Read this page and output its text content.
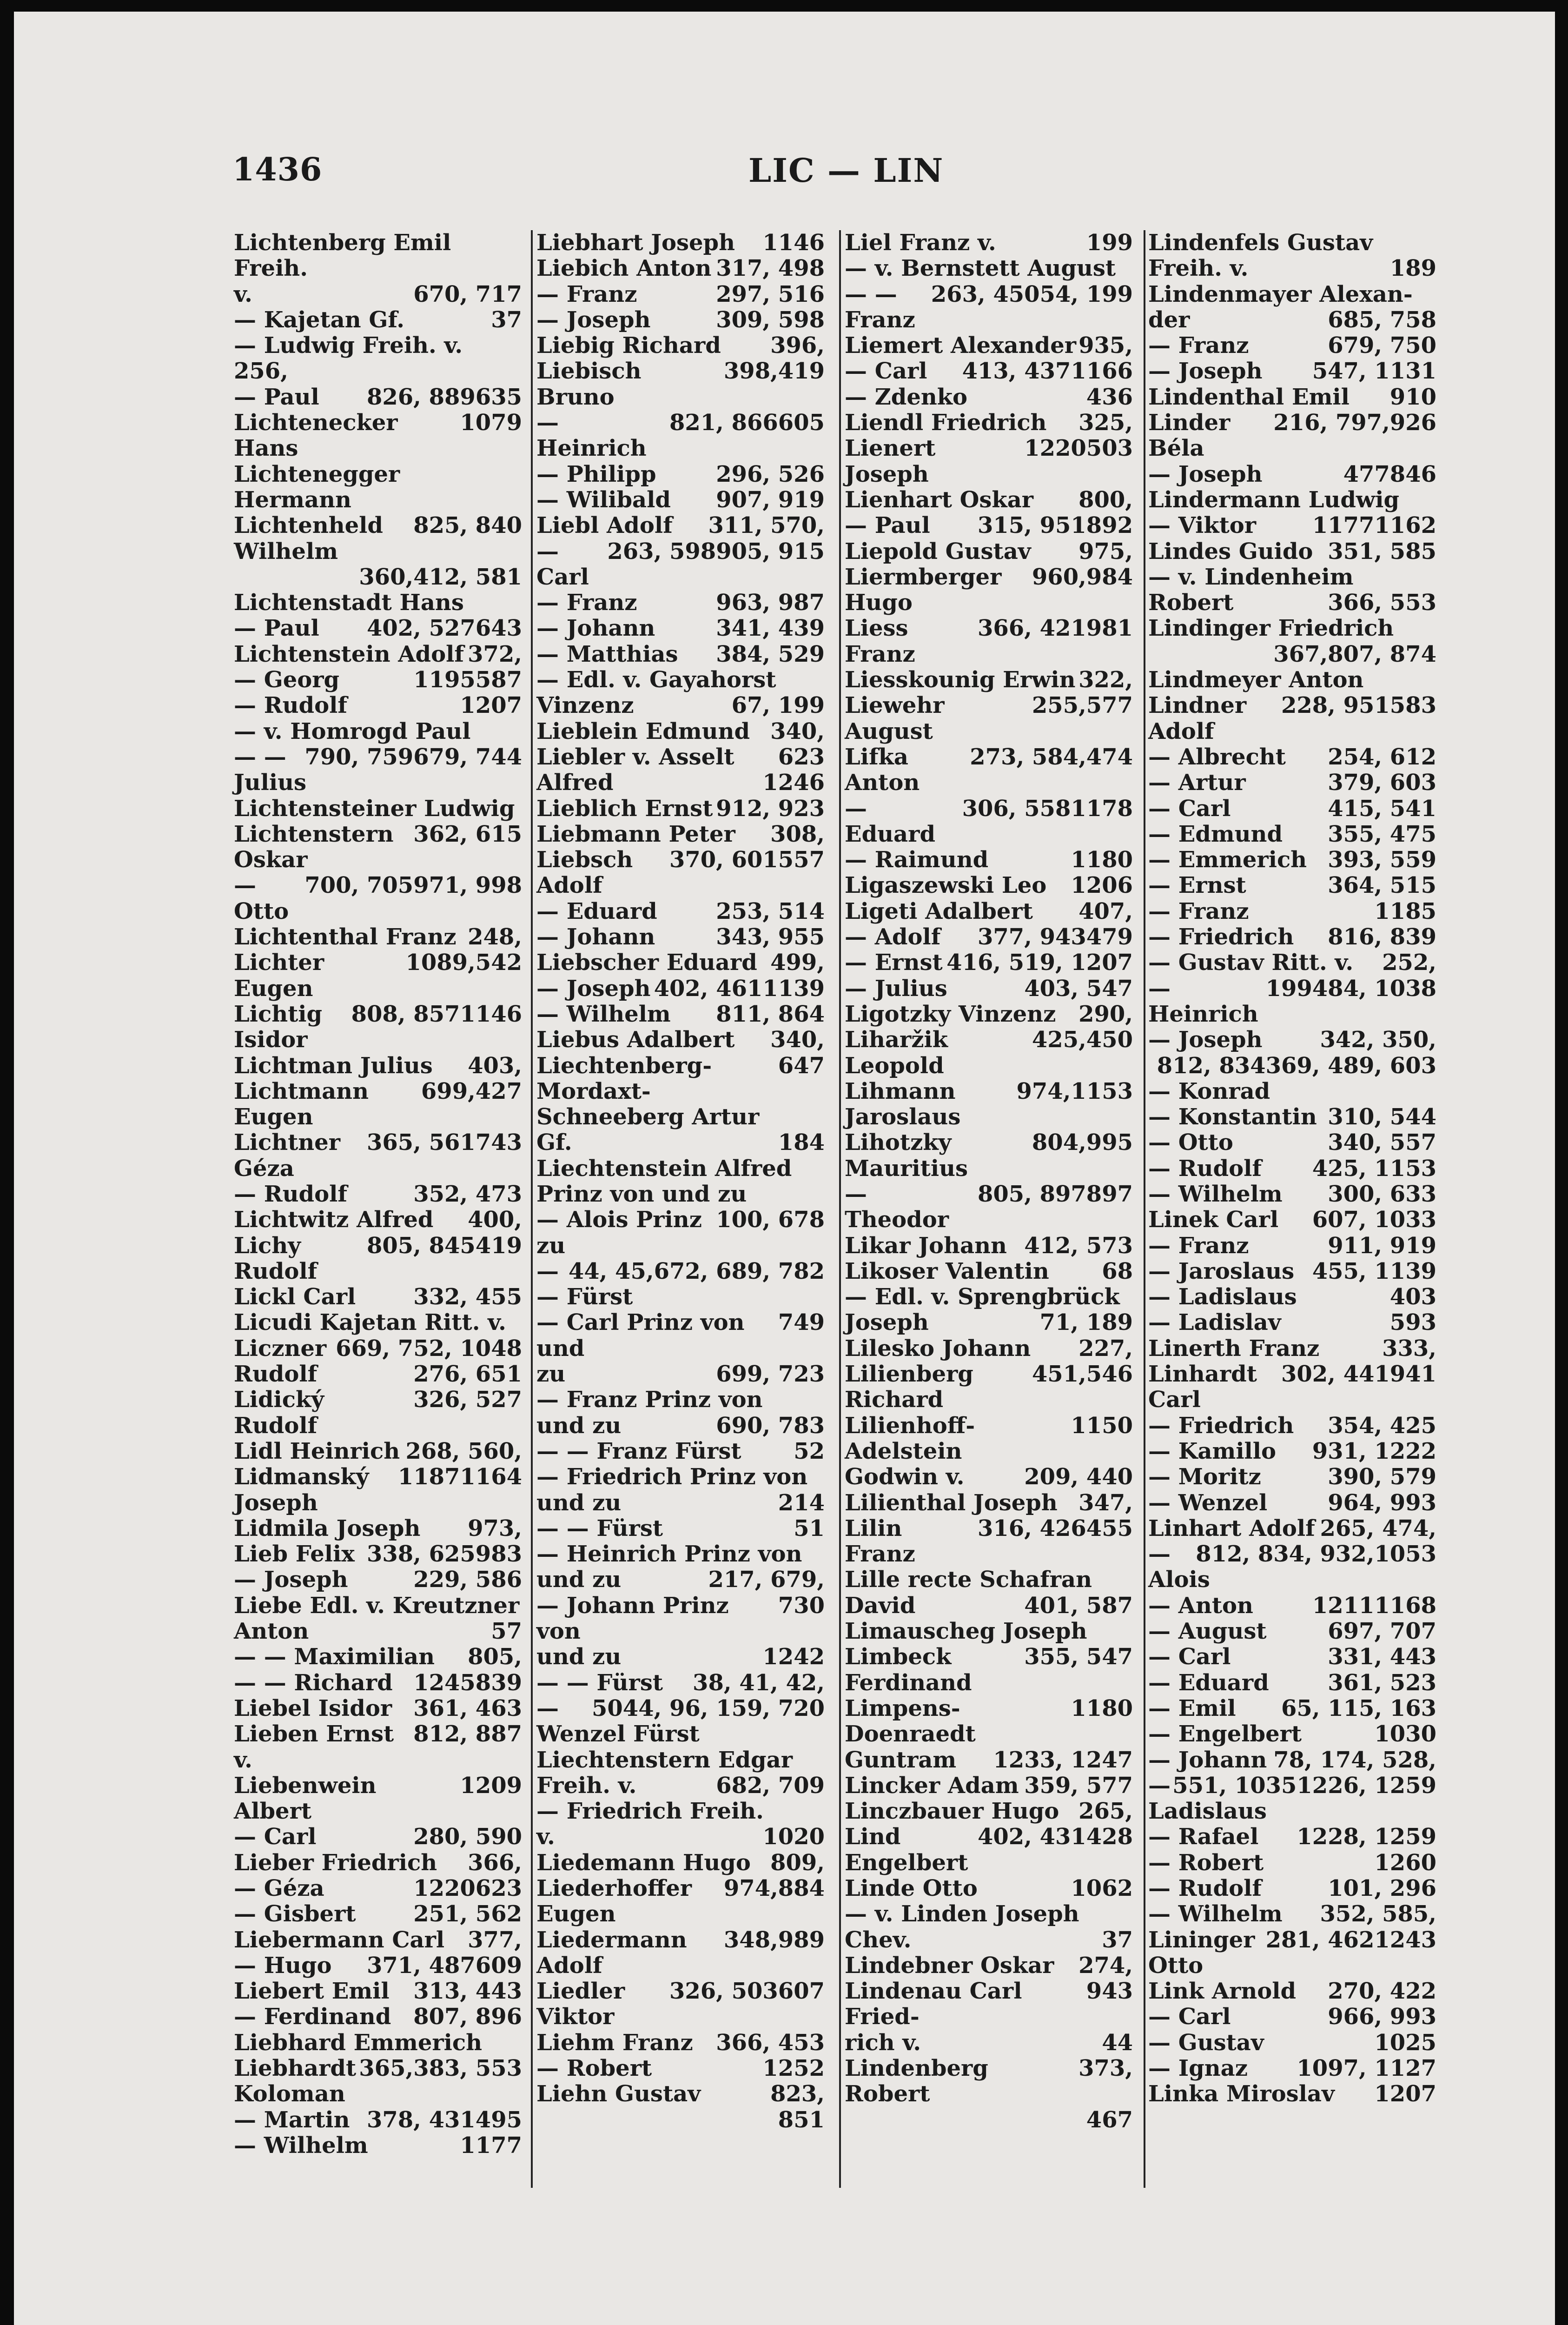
1436	LIC — LIN
Lichtenberg Emil Freih.
670, 717
v.
37
— Kajetan Gf.
— Ludwig Freih. v. 256,
635
826, 889
— Paul
1079
Lichtenecker Hans
Lichtenegger Hermann
825, 840
Lichtenheld Wilhelm
412, 581
360,
Lichtenstadt Hans
643
402, 527
— Paul
372,
Lichtenstein Adolf
587
1195
— Georg
1207
— Rudolf
— v. Homrogd Paul
679, 744
790, 759
— — Julius
Lichtensteiner Ludwig
362, 615
Lichtenstern Oskar
971, 998
700, 705
— Otto
248,
Lichtenthal Franz
542
1089,
Lichter Eugen
1146
808, 857
Lichtig Isidor
403,
Lichtman Julius
427
699,
Lichtmann Eugen
743
365, 561
Lichtner Géza
352, 473
— Rudolf
400,
Lichtwitz Alfred
419
805, 845
Lichy Rudolf
332, 455
Lickl Carl
Licudi Kajetan Ritt. v.
669, 752, 1048
276, 651
Liczner Rudolf
326, 527
Lidický Rudolf
268, 560,
Lidl Heinrich
1164
1187
Lidmanský Joseph
973,
Lidmila Joseph
983
338, 625
Lieb Felix
229, 586
— Joseph
Liebe Edl. v. Kreutzner
57
Anton
805,
— — Maximilian
839
1245
— — Richard
361, 463
Liebel Isidor
812, 887
Lieben Ernst v.
1209
Liebenwein Albert
280, 590
— Carl
366,
Lieber Friedrich
623
1220
— Géza
251, 562
— Gisbert
377,
Liebermann Carl
609
371, 487
— Hugo
313, 443
Liebert Emil
807, 896
— Ferdinand
Liebhard Emmerich
383, 553
365,
Liebhardt Koloman
495
378, 431
— Martin
1177
— Wilhelm
1146
Liebhart Joseph
317, 498
Liebich Anton
297, 516
— Franz
309, 598
— Joseph
396,
Liebig Richard
419
398,
Liebisch Bruno
605
821, 866
— Heinrich
296, 526
— Philipp
907, 919
— Wilibald
311, 570,
Liebl Adolf
905, 915
263, 598
— Carl
963, 987
— Franz
341, 439
— Johann
384, 529
— Matthias
— Edl. v. Gayahorst
67, 199
Vinzenz
340,
Lieblein Edmund
623
Liebler v. Asselt
1246
Alfred
912, 923
Lieblich Ernst
308,
Liebmann Peter
557
370, 601
Liebsch Adolf
253, 514
— Eduard
343, 955
— Johann
499,
Liebscher Eduard
1139
402, 461
— Joseph
811, 864
— Wilhelm
340,
Liebus Adalbert
647
Liechtenberg-Mordaxt-
Schneeberg Artur
184
Gf.
Liechtenstein Alfred
Prinz von und zu
100, 678
— Alois Prinz zu
672, 689, 782
44, 45,
— — Fürst
749
— Carl Prinz von und
699, 723
zu
— Franz Prinz von
690, 783
und zu
52
— — Franz Fürst
— Friedrich Prinz von
214
und zu
51
— — Fürst
— Heinrich Prinz von
217, 679,
und zu
730
— Johann Prinz von
1242
und zu
38, 41, 42,
— — Fürst
44, 96, 159, 720
50
— Wenzel Fürst
Liechtenstern Edgar
682, 709
Freih. v.
— Friedrich Freih.
1020
v.
809,
Liedemann Hugo
884
974,
Liederhoffer Eugen
989
348,
Liedermann Adolf
607
326, 503
Liedler Viktor
366, 453
Liehm Franz
1252
— Robert
823,
Liehn Gustav
851
199
Liel Franz v.
— v. Bernstett August
54, 199
263, 450
— — Franz
935,
Liemert Alexander
1166
413, 437
— Carl
436
— Zdenko
325,
Liendl Friedrich
503
1220
Lienert Joseph
800,
Lienhart Oskar
892
315, 951
— Paul
975,
Liepold Gustav
984
960,
Liermberger Hugo
981
366, 421
Liess Franz
322,
Liesskounig Erwin
577
255,
Liewehr August
474
273, 584,
Lifka Anton
1178
306, 558
— Eduard
1180
— Raimund
1206
Ligaszewski Leo
407,
Ligeti Adalbert
479
377, 943
— Adolf
416, 519, 1207
— Ernst
403, 547
— Julius
290,
Ligotzky Vinzenz
450
425,
Liharžik Leopold
1153
974,
Lihmann Jaroslaus
995
804,
Lihotzky Mauritius
897
805, 897
— Theodor
412, 573
Likar Johann
68
Likoser Valentin
— Edl. v. Sprengbrück
71, 189
Joseph
227,
Lilesko Johann
546
451,
Lilienberg Richard
1150
Lilienhoff-Adelstein
209, 440
Godwin v.
347,
Lilienthal Joseph
455
316, 426
Lilin Franz
Lille recte Schafran
401, 587
David
Limauscheg Joseph
355, 547
Limbeck Ferdinand
1180
Limpens-Doenraedt
1233, 1247
Guntram
359, 577
Lincker Adam
265,
Linczbauer Hugo
428
402, 431
Lind Engelbert
1062
Linde Otto
— v. Linden Joseph
37
Chev.
274,
Lindebner Oskar
943
Lindenau Carl Fried-
44
rich v.
373,
Lindenberg Robert
467
Lindenfels Gustav
189
Freih. v.
Lindenmayer Alexan-
685, 758
der
679, 750
— Franz
547, 1131
— Joseph
910
Lindenthal Emil
926
216, 797,
Linder Béla
846
477
— Joseph
Lindermann Ludwig
1162
1177
— Viktor
351, 585
Lindes Guido
— v. Lindenheim
366, 553
Robert
Lindinger Friedrich
807, 874
367,
Lindmeyer Anton
583
228, 951
Lindner Adolf
254, 612
— Albrecht
379, 603
— Artur
415, 541
— Carl
355, 475
— Edmund
393, 559
— Emmerich
364, 515
— Ernst
1185
— Franz
816, 839
— Friedrich
252,
— Gustav Ritt. v.
484, 1038
199
— Heinrich
342, 350,
— Joseph
369, 489, 603
812, 834
— Konrad
310, 544
— Konstantin
340, 557
— Otto
425, 1153
— Rudolf
300, 633
— Wilhelm
607, 1033
Linek Carl
911, 919
— Franz
455, 1139
— Jaroslaus
403
— Ladislaus
593
— Ladislav
333,
Linerth Franz
941
302, 441
Linhardt Carl
354, 425
— Friedrich
931, 1222
— Kamillo
390, 579
— Moritz
964, 993
— Wenzel
265, 474,
Linhart Adolf
1053
812, 834, 932,
— Alois
1168
1211
— Anton
697, 707
— August
331, 443
— Carl
361, 523
— Eduard
65, 115, 163
— Emil
1030
— Engelbert
78, 174, 528,
— Johann
1226, 1259
551, 1035
— Ladislaus
1228, 1259
— Rafael
1260
— Robert
101, 296
— Rudolf
352, 585,
— Wilhelm
1243
281, 462
Lininger Otto
270, 422
Link Arnold
966, 993
— Carl
1025
— Gustav
1097, 1127
— Ignaz
1207
Linka Miroslav
